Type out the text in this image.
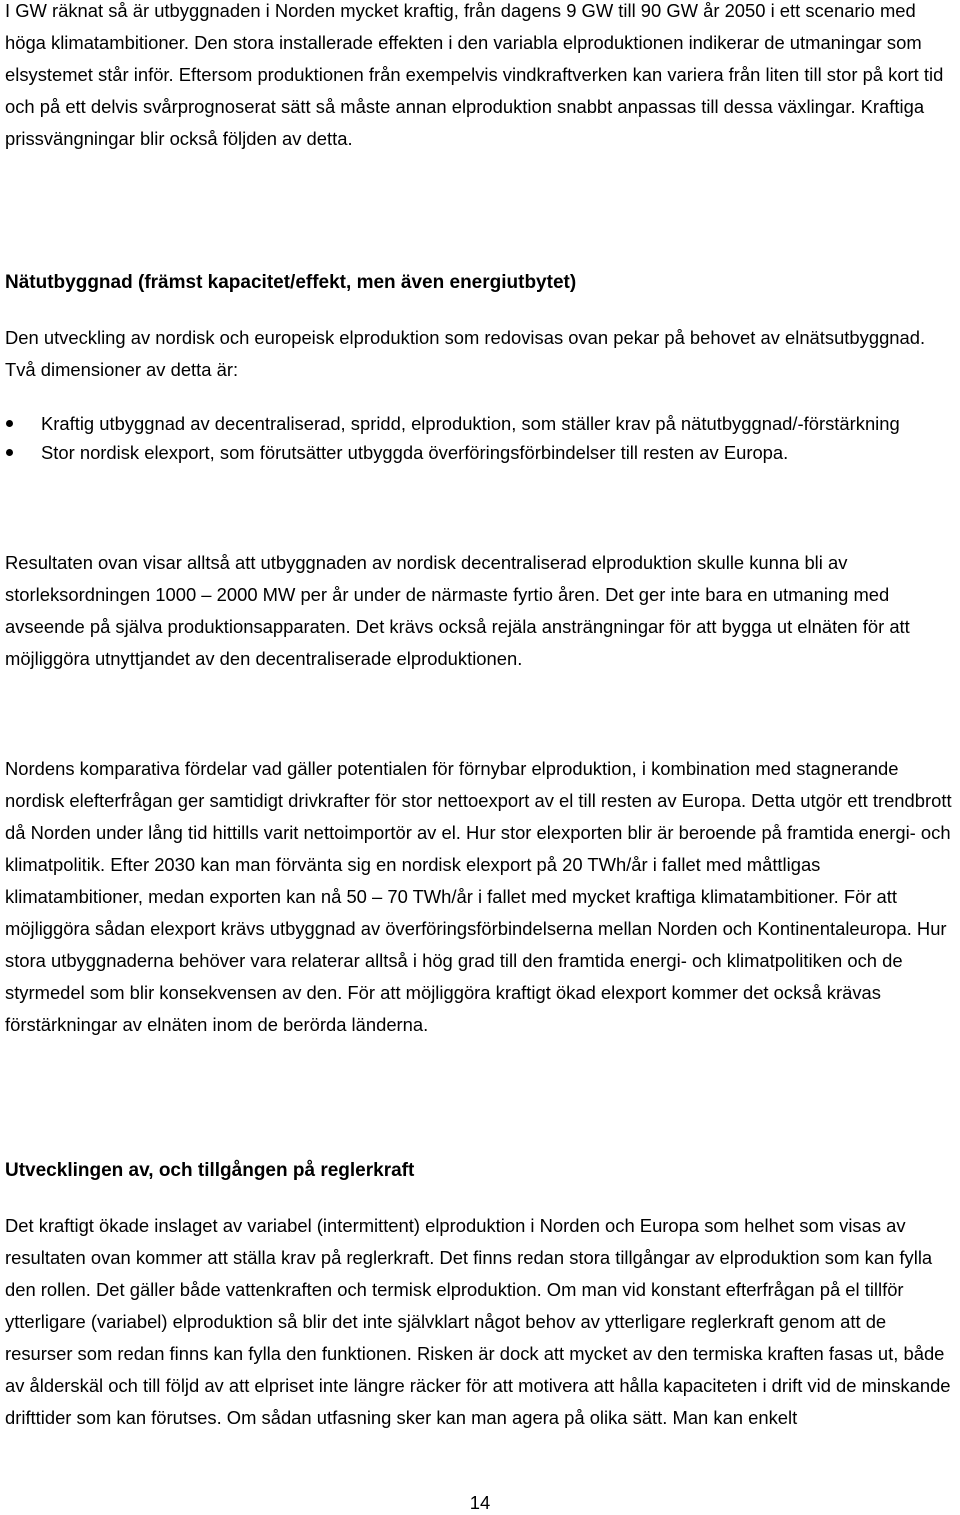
I GW räknat så är utbyggnaden i Norden mycket kraftig, från dagens 9 GW till 90 GW år 2050 i ett scenario med höga klimatambitioner. Den stora installerade effekten i den variabla elproduktionen indikerar de utmaningar som elsystemet står inför. Eftersom produktionen från exempelvis vindkraftverken kan variera från liten till stor på kort tid och på ett delvis svårprognoserat sätt så måste annan elproduktion snabbt anpassas till dessa växlingar. Kraftiga prissvängningar blir också följden av detta.

Nätutbyggnad (främst kapacitet/effekt, men även energiutbytet)

Den utveckling av nordisk och europeisk elproduktion som redovisas ovan pekar på behovet av elnätsutbyggnad. Två dimensioner av detta är:

Kraftig utbyggnad av decentraliserad, spridd, elproduktion, som ställer krav på nätutbyggnad/-förstärkning
Stor nordisk elexport, som förutsätter utbyggda överföringsförbindelser till resten av Europa.

Resultaten ovan visar alltså att utbyggnaden av nordisk decentraliserad elproduktion skulle kunna bli av storleksordningen 1000 – 2000 MW per år under de närmaste fyrtio åren. Det ger inte bara en utmaning med avseende på själva produktionsapparaten. Det krävs också rejäla ansträngningar för att bygga ut elnäten för att möjliggöra utnyttjandet av den decentraliserade elproduktionen.

Nordens komparativa fördelar vad gäller potentialen för förnybar elproduktion, i kombination med stagnerande nordisk elefterfrågan ger samtidigt drivkrafter för stor nettoexport av el till resten av Europa. Detta utgör ett trendbrott då Norden under lång tid hittills varit nettoimportör av el. Hur stor elexporten blir är beroende på framtida energi- och klimatpolitik. Efter 2030 kan man förvänta sig en nordisk elexport på 20 TWh/år i fallet med måttligas klimatambitioner, medan exporten kan nå 50 – 70 TWh/år i fallet med mycket kraftiga klimatambitioner. För att möjliggöra sådan elexport krävs utbyggnad av överföringsförbindelserna mellan Norden och Kontinentaleuropa. Hur stora utbyggnaderna behöver vara relaterar alltså i hög grad till den framtida energi- och klimatpolitiken och de styrmedel som blir konsekvensen av den. För att möjliggöra kraftigt ökad elexport kommer det också krävas förstärkningar av elnäten inom de berörda länderna.

Utvecklingen av, och tillgången på reglerkraft

Det kraftigt ökade inslaget av variabel (intermittent) elproduktion i Norden och Europa som helhet som visas av resultaten ovan kommer att ställa krav på reglerkraft. Det finns redan stora tillgångar av elproduktion som kan fylla den rollen. Det gäller både vattenkraften och termisk elproduktion. Om man vid konstant efterfrågan på el tillför ytterligare (variabel) elproduktion så blir det inte självklart något behov av ytterligare reglerkraft genom att de resurser som redan finns kan fylla den funktionen. Risken är dock att mycket av den termiska kraften fasas ut, både av ålderskäl och till följd av att elpriset inte längre räcker för att motivera att hålla kapaciteten i drift vid de minskande drifttider som kan förutses. Om sådan utfasning sker kan man agera på olika sätt. Man kan enkelt

14
